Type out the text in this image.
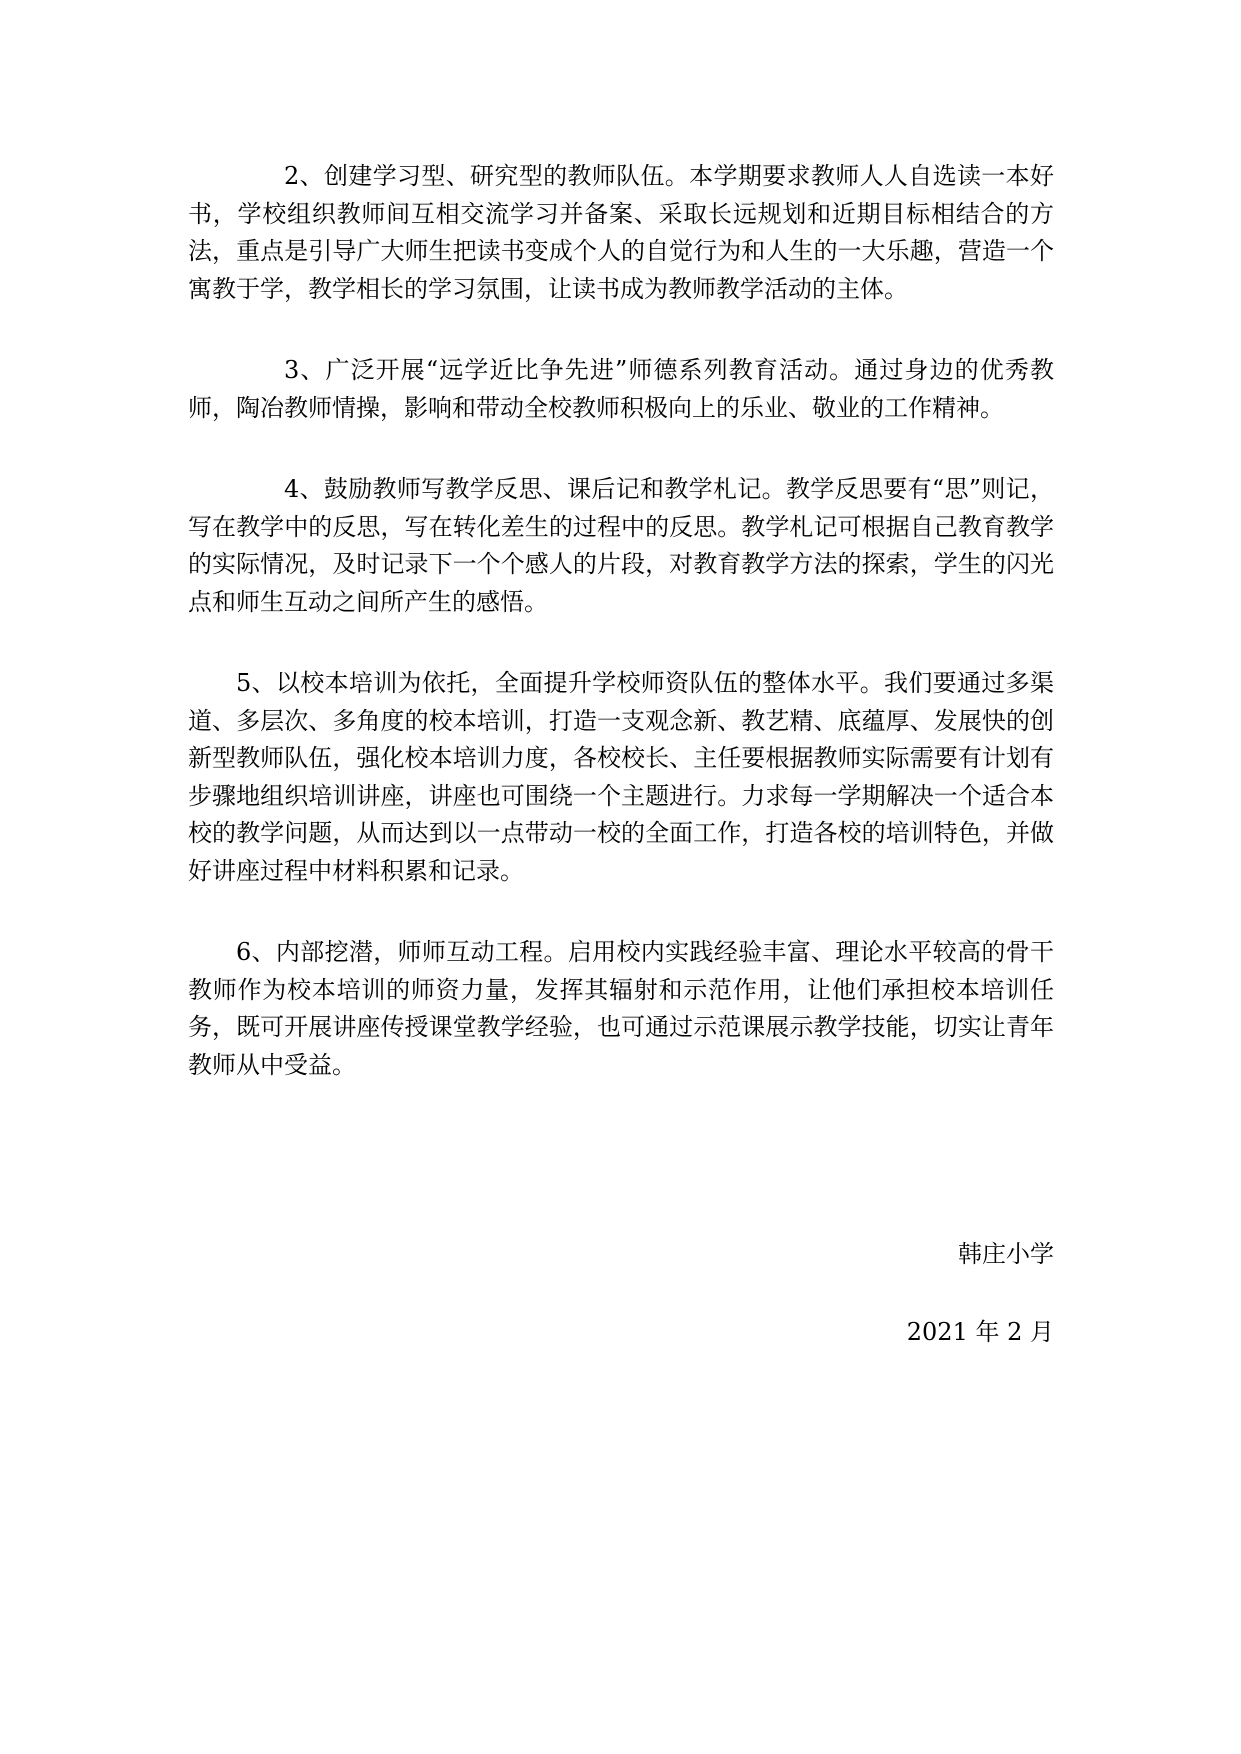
2、创建学习型、研究型的教师队伍。本学期要求教师人人自选读一本好书，学校组织教师间互相交流学习并备案、采取长远规划和近期目标相结合的方法，重点是引导广大师生把读书变成个人的自觉行为和人生的一大乐趣，营造一个寓教于学，教学相长的学习氛围，让读书成为教师教学活动的主体。

3、广泛开展“远学近比争先进”师德系列教育活动。通过身边的优秀教师，陶冶教师情操，影响和带动全校教师积极向上的乐业、敬业的工作精神。

4、鼓励教师写教学反思、课后记和教学札记。教学反思要有“思”则记，写在教学中的反思，写在转化差生的过程中的反思。教学札记可根据自己教育教学的实际情况，及时记录下一个个感人的片段，对教育教学方法的探索，学生的闪光点和师生互动之间所产生的感悟。

5、以校本培训为依托，全面提升学校师资队伍的整体水平。我们要通过多渠道、多层次、多角度的校本培训，打造一支观念新、教艺精、底蕴厚、发展快的创新型教师队伍，强化校本培训力度，各校校长、主任要根据教师实际需要有计划有步骤地组织培训讲座，讲座也可围绕一个主题进行。力求每一学期解决一个适合本校的教学问题，从而达到以一点带动一校的全面工作，打造各校的培训特色，并做好讲座过程中材料积累和记录。

6、内部挖潜，师师互动工程。启用校内实践经验丰富、理论水平较高的骨干教师作为校本培训的师资力量，发挥其辐射和示范作用，让他们承担校本培训任务，既可开展讲座传授课堂教学经验，也可通过示范课展示教学技能，切实让青年教师从中受益。

韩庄小学
2021 年 2 月
